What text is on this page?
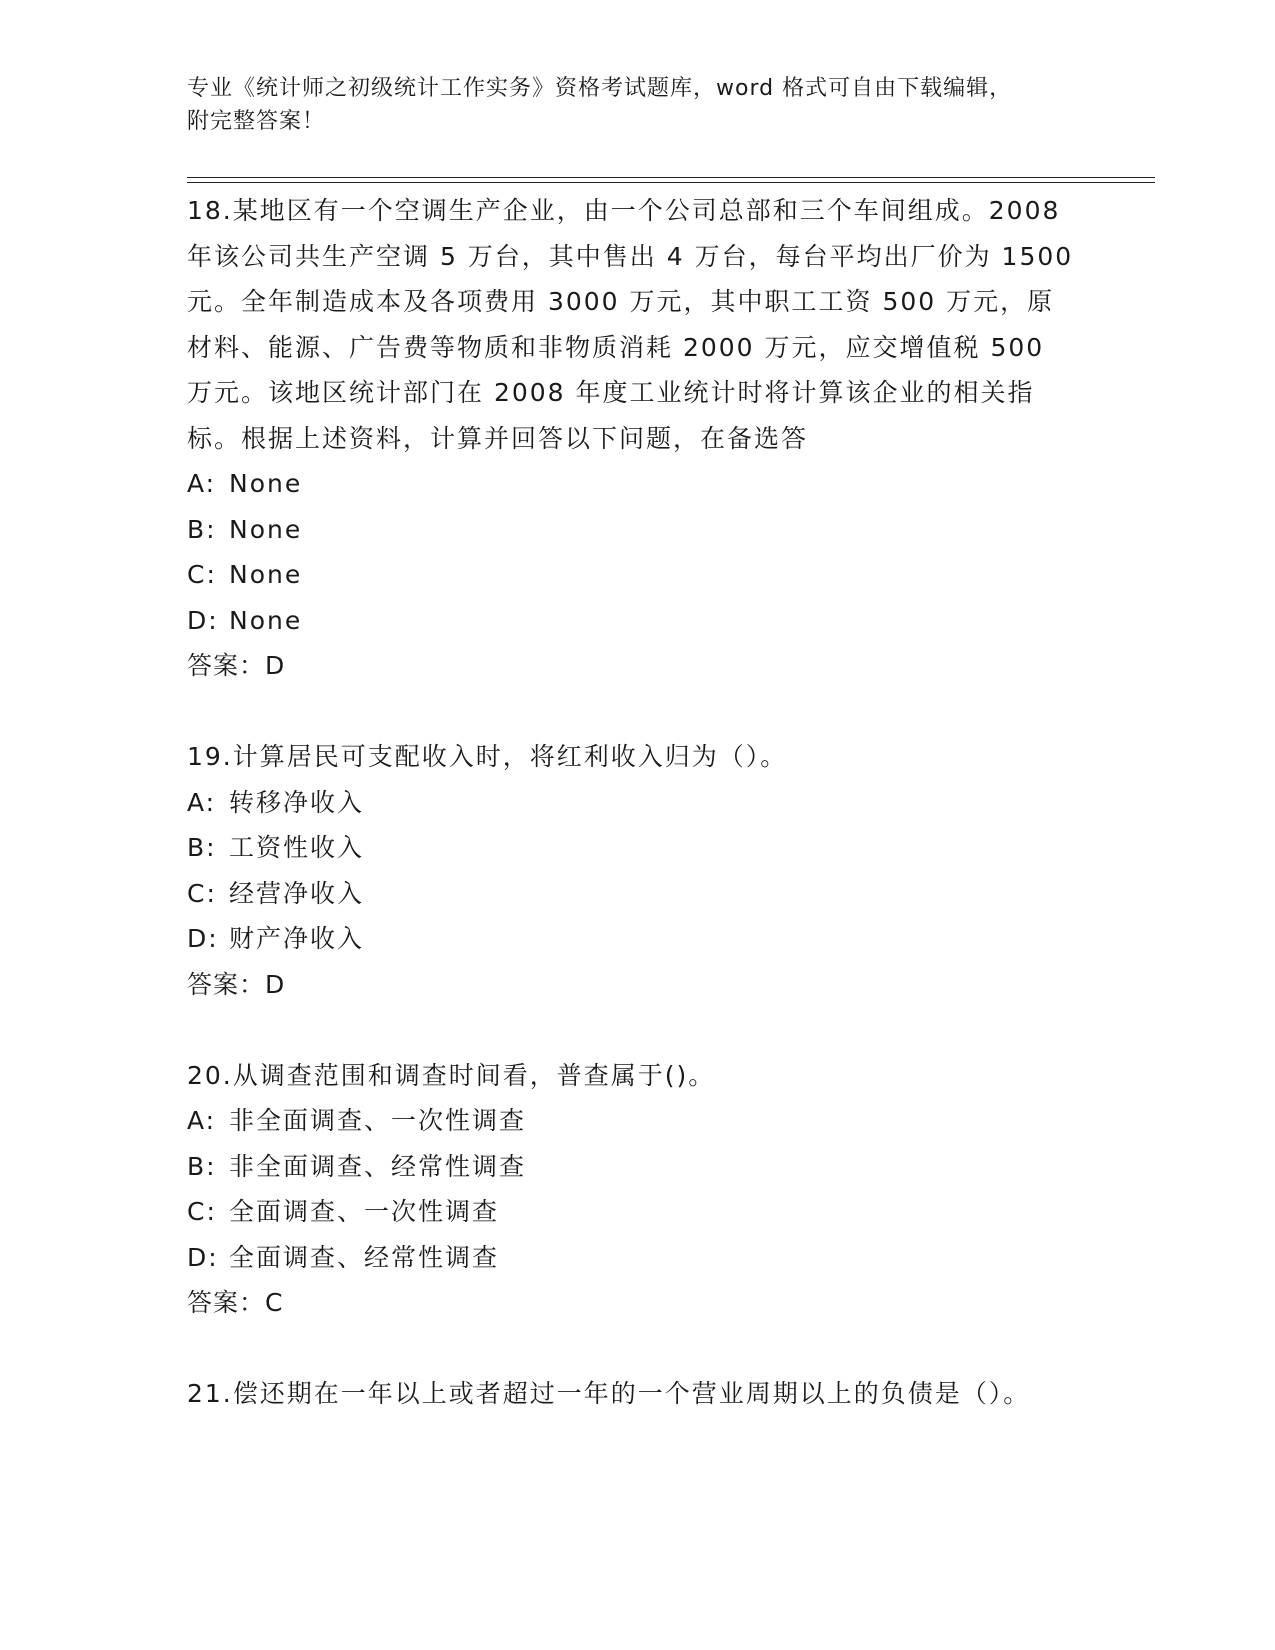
专业《统计师之初级统计工作实务》资格考试题库，word 格式可自由下载编辑，
附完整答案！

18.某地区有一个空调生产企业，由一个公司总部和三个车间组成。2008 年该公司共生产空调 5 万台，其中售出 4 万台，每台平均出厂价为 1500 元。全年制造成本及各项费用 3000 万元，其中职工工资 500 万元，原材料、能源、广告费等物质和非物质消耗 2000 万元，应交增值税 500 万元。该地区统计部门在 2008 年度工业统计时将计算该企业的相关指标。根据上述资料，计算并回答以下问题，在备选答

A: None
B: None
C: None
D: None
答案：D

19.计算居民可支配收入时，将红利收入归为（）。

A: 转移净收入
B: 工资性收入
C: 经营净收入
D: 财产净收入
答案：D

20.从调查范围和调查时间看，普查属于()。

A: 非全面调查、一次性调查
B: 非全面调查、经常性调查
C: 全面调查、一次性调查
D: 全面调查、经常性调查
答案：C

21.偿还期在一年以上或者超过一年的一个营业周期以上的负债是（）。
